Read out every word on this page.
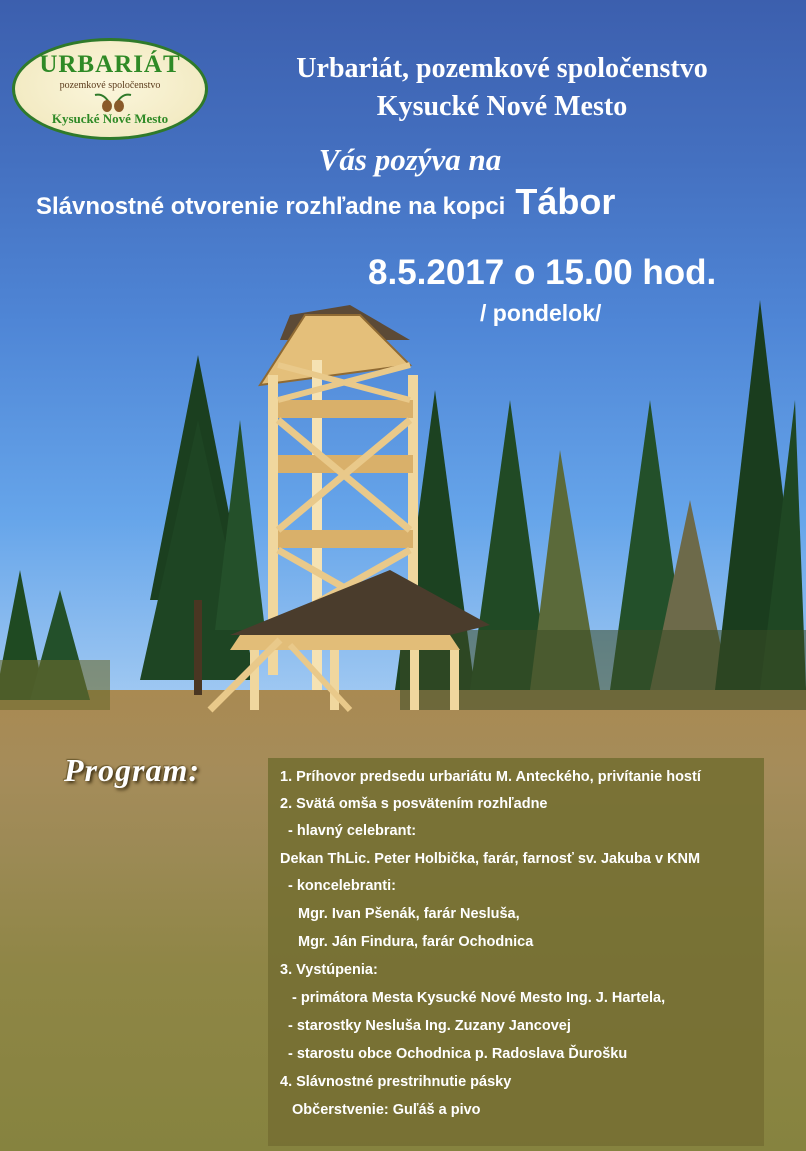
URBARIÁT
pozemkové spoločenstvo
Kysucké Nové Mesto
Urbariát, pozemkové spoločenstvo
Kysucké Nové Mesto
Vás pozýva na
Slávnostné otvorenie rozhľadne na kopci Tábor
8.5.2017 o 15.00 hod.
/ pondelok/
Program:	1. Príhovor predsedu urbariátu M. Anteckého, privítanie hostí
2. Svätá omša s posvätením rozhľadne
- hlavný celebrant:
Dekan ThLic. Peter Holbička, farár, farnosť sv. Jakuba v KNM
- koncelebranti:
Mgr. Ivan Pšenák, farár Nesluša,
Mgr. Ján Findura, farár Ochodnica
3. Vystúpenia:
- primátora Mesta Kysucké Nové Mesto Ing. J. Hartela,
- starostky Nesluša Ing. Zuzany Jancovej
- starostu obce Ochodnica p. Radoslava Ďurošku
4. Slávnostné prestrihnutie pásky
Občerstvenie: Guľáš a pivo
